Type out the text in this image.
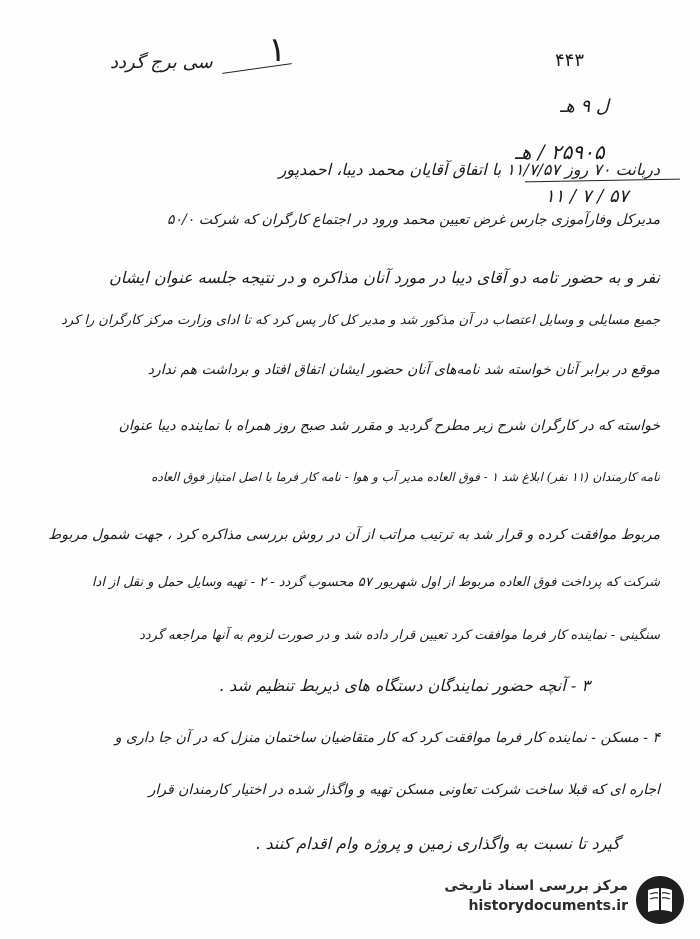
سی برج گردد ۱	۴۴۳
ل ۹ هـ
۲۵۹۰۵ / هـ
۱۱ / ۷ / ۵۷
دربانت ۷۰ روز ۱۱/۷/۵۷ با اتفاق آقایان محمد دیبا، احمدپور
مدیرکل وفارآموزی جارس غرض تعیین محمد ورود در اجتماع کارگران که شرکت ۵۰/۰
نفر و به حضور تامه دو آقای دیبا در مورد آنان مذاکره و در نتیجه جلسه عنوان ایشان
جمیع مسایلی و وسایل اعتصاب در آن مذکور شد و مدیر کل کار پس کرد که تا ادای وزارت مرکز کارگران را کرد
موقع در برابر آنان خواسته شد نامه‌های آنان حضور ایشان اتفاق افتاد و برداشت هم ندارد
خواسته که در کارگران شرح زیر مطرح گردید و مقرر شد صبح روز همراه با نماینده دیبا عنوان
نامه کارمندان (۱۱ نفر) ابلاغ شد ۱ - فوق العاده مدیر آب و هوا - نامه کار فرما با اصل امتیاز فوق العاده
مربوط موافقت کرده و قرار شد به ترتیب مراتب از آن در روش بررسی مذاکره کرد ، جهت شمول مربوط
شرکت که پرداخت فوق العاده مربوط از اول شهریور ۵۷ محسوب گردد - ۲ - تهیه وسایل حمل و نقل از ادا
سنگینی - نماینده کار فرما موافقت کرد تعیین قرار داده شد و در صورت لزوم به آنها مراجعه گردد
۳ - آنچه حضور نمایندگان دستگاه های ذیربط تنظیم شد .
۴ - مسکن - نماینده کار فرما موافقت کرد که کار متقاضیان ساختمان منزل که در آن جا داری و
اجاره ای که قبلا ساخت شرکت تعاونی مسکن تهیه و واگذار شده در اختیار کارمندان قرار
گیرد تا نسبت به واگذاری زمین و پروژه وام اقدام کنند .
مرکز بررسی اسناد تاریخی
historydocuments.ir
